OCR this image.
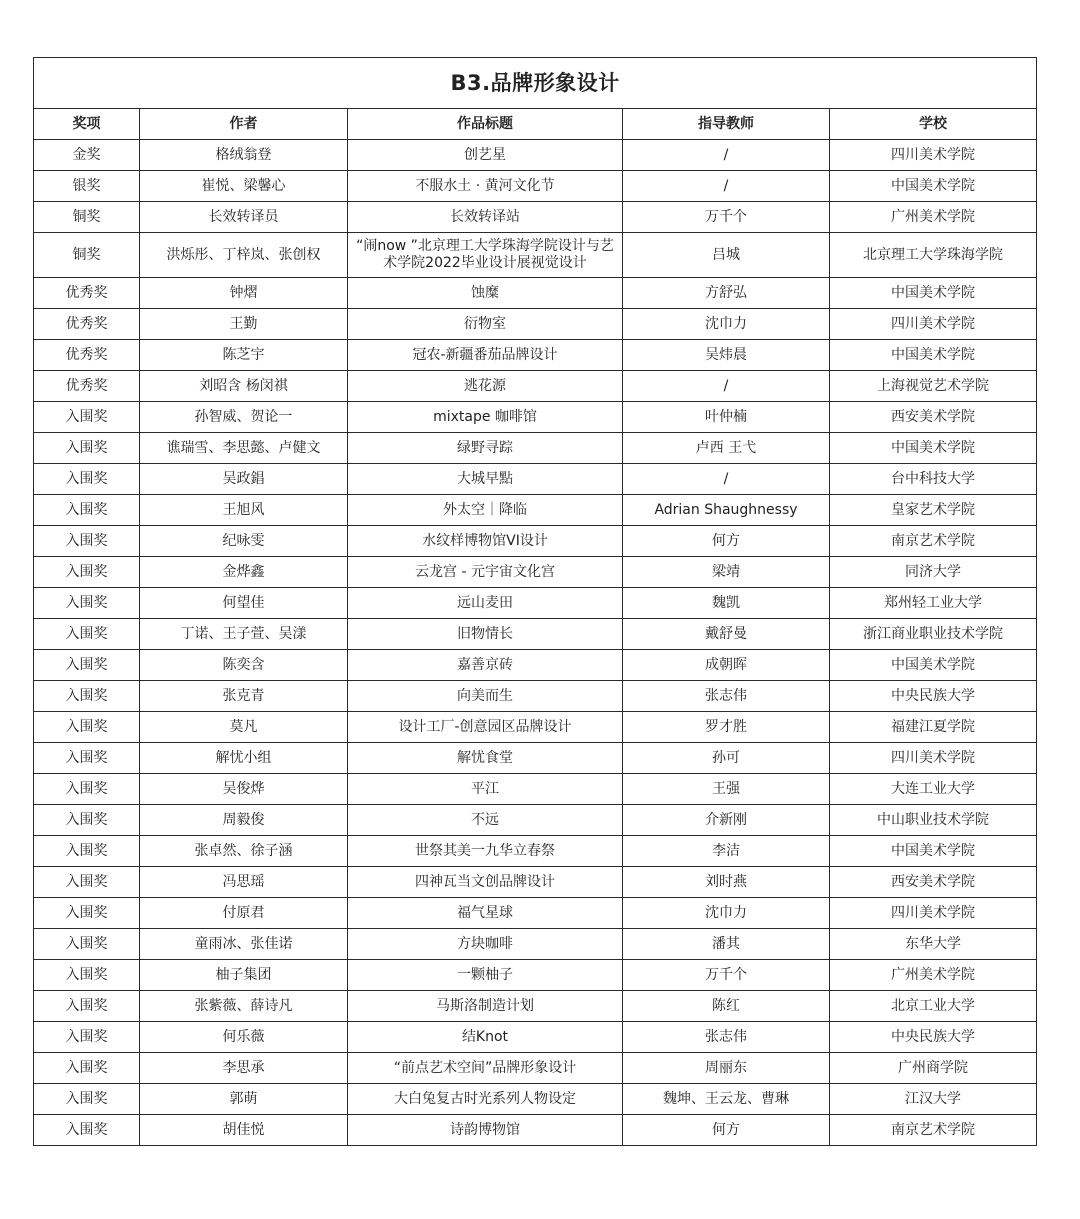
B3.品牌形象设计				
奖项	作者	作品标题	指导教师	学校
金奖	格绒翁登	创艺星	/	四川美术学院
银奖	崔悦、梁馨心	不服水土 · 黄河文化节	/	中国美术学院
铜奖	长效转译员	长效转译站	万千个	广州美术学院
铜奖	洪烁彤、丁梓岚、张创权	“闹now ”北京理工大学珠海学院设计与艺术学院2022毕业设计展视觉设计	吕城	北京理工大学珠海学院
优秀奖	钟熠	蚀糜	方舒弘	中国美术学院
优秀奖	王勤	衍物室	沈巾力	四川美术学院
优秀奖	陈芝宇	冠农-新疆番茄品牌设计	吴炜晨	中国美术学院
优秀奖	刘昭含 杨闵祺	逃花源	/	上海视觉艺术学院
入围奖	孙智威、贺论一	mixtape 咖啡馆	叶仲楠	西安美术学院
入围奖	谯瑞雪、李思懿、卢健文	绿野寻踪	卢西 王弋	中国美术学院
入围奖	吴政錩	大城早點	/	台中科技大学
入围奖	王旭风	外太空｜降临	Adrian Shaughnessy	皇家艺术学院
入围奖	纪咏雯	水纹样博物馆VI设计	何方	南京艺术学院
入围奖	金烨鑫	云龙宫 - 元宇宙文化宫	梁靖	同济大学
入围奖	何望佳	远山麦田	魏凯	郑州轻工业大学
入围奖	丁诺、王子萱、吴漾	旧物情长	戴舒曼	浙江商业职业技术学院
入围奖	陈奕含	嘉善京砖	成朝晖	中国美术学院
入围奖	张克青	向美而生	张志伟	中央民族大学
入围奖	莫凡	设计工厂-创意园区品牌设计	罗才胜	福建江夏学院
入围奖	解忧小组	解忧食堂	孙可	四川美术学院
入围奖	吴俊烨	平江	王强	大连工业大学
入围奖	周毅俊	不远	介新刚	中山职业技术学院
入围奖	张卓然、徐子涵	世祭其美一九华立春祭	李洁	中国美术学院
入围奖	冯思瑶	四神瓦当文创品牌设计	刘时燕	西安美术学院
入围奖	付原君	福气星球	沈巾力	四川美术学院
入围奖	童雨冰、张佳诺	方块咖啡	潘其	东华大学
入围奖	柚子集团	一颗柚子	万千个	广州美术学院
入围奖	张紫薇、薛诗凡	马斯洛制造计划	陈红	北京工业大学
入围奖	何乐薇	结Knot	张志伟	中央民族大学
入围奖	李思承	“前点艺术空间”品牌形象设计	周丽东	广州商学院
入围奖	郭萌	大白兔复古时光系列人物设定	魏坤、王云龙、曹琳	江汉大学
入围奖	胡佳悦	诗韵博物馆	何方	南京艺术学院
